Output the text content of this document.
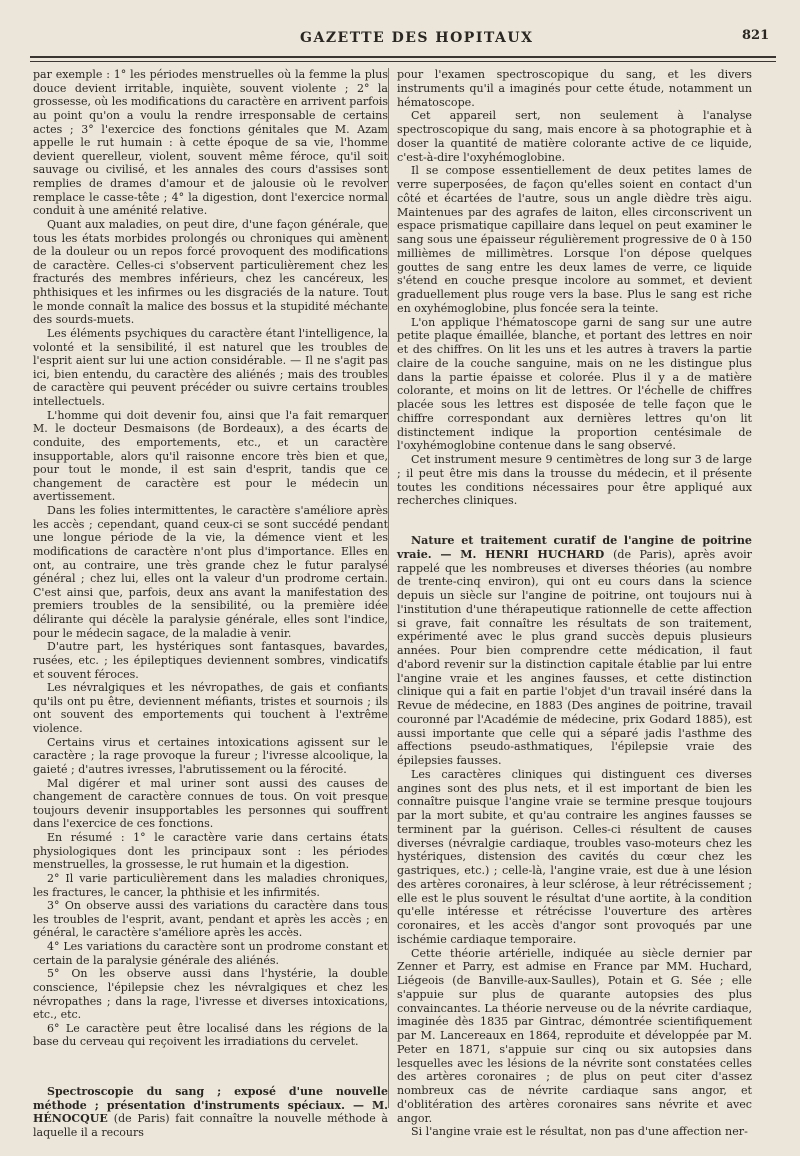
GAZETTE DES HOPITAUX	821

par exemple : 1° les périodes menstruelles où la femme la plus douce devient irritable, inquiète, souvent violente ; 2° la grossesse, où les modifications du caractère en arrivent parfois au point qu'on a voulu la rendre irresponsable de certains actes ; 3° l'exercice des fonctions génitales que M. Azam appelle le rut humain : à cette époque de sa vie, l'homme devient querelleur, violent, souvent même féroce, qu'il soit sauvage ou civilisé, et les annales des cours d'assises sont remplies de drames d'amour et de jalousie où le revolver remplace le casse-tête ; 4° la digestion, dont l'exercice normal conduit à une aménité relative.

Quant aux maladies, on peut dire, d'une façon générale, que tous les états morbides prolongés ou chroniques qui amènent de la douleur ou un repos forcé provoquent des modifications de caractère. Celles-ci s'observent particulièrement chez les fracturés des membres inférieurs, chez les cancéreux, les phthisiques et les infirmes ou les disgraciés de la nature. Tout le monde connaît la malice des bossus et la stupidité méchante des sourds-muets.

Les éléments psychiques du caractère étant l'intelligence, la volonté et la sensibilité, il est naturel que les troubles de l'esprit aient sur lui une action considérable. — Il ne s'agit pas ici, bien entendu, du caractère des aliénés ; mais des troubles de caractère qui peuvent précéder ou suivre certains troubles intellectuels.

L'homme qui doit devenir fou, ainsi que l'a fait remarquer M. le docteur Desmaisons (de Bordeaux), a des écarts de conduite, des emportements, etc., et un caractère insupportable, alors qu'il raisonne encore très bien et que, pour tout le monde, il est sain d'esprit, tandis que ce changement de caractère est pour le médecin un avertissement.

Dans les folies intermittentes, le caractère s'améliore après les accès ; cependant, quand ceux-ci se sont succédé pendant une longue période de la vie, la démence vient et les modifications de caractère n'ont plus d'importance. Elles en ont, au contraire, une très grande chez le futur paralysé général ; chez lui, elles ont la valeur d'un prodrome certain. C'est ainsi que, parfois, deux ans avant la manifestation des premiers troubles de la sensibilité, ou la première idée délirante qui décèle la paralysie générale, elles sont l'indice, pour le médecin sagace, de la maladie à venir.

D'autre part, les hystériques sont fantasques, bavardes, rusées, etc. ; les épileptiques deviennent sombres, vindicatifs et souvent féroces.

Les névralgiques et les névropathes, de gais et confiants qu'ils ont pu être, deviennent méfiants, tristes et sournois ; ils ont souvent des emportements qui touchent à l'extrême violence.

Certains virus et certaines intoxications agissent sur le caractère ; la rage provoque la fureur ; l'ivresse alcoolique, la gaieté ; d'autres ivresses, l'abrutissement ou la férocité.

Mal digérer et mal uriner sont aussi des causes de changement de caractère connues de tous. On voit presque toujours devenir insupportables les personnes qui souffrent dans l'exercice de ces fonctions.

En résumé : 1° le caractère varie dans certains états physiologiques dont les principaux sont : les périodes menstruelles, la grossesse, le rut humain et la digestion.

2° Il varie particulièrement dans les maladies chroniques, les fractures, le cancer, la phthisie et les infirmités.

3° On observe aussi des variations du caractère dans tous les troubles de l'esprit, avant, pendant et après les accès ; en général, le caractère s'améliore après les accès.

4° Les variations du caractère sont un prodrome constant et certain de la paralysie générale des aliénés.

5° On les observe aussi dans l'hystérie, la double conscience, l'épilepsie chez les névralgiques et chez les névropathes ; dans la rage, l'ivresse et diverses intoxications, etc., etc.

6° Le caractère peut être localisé dans les régions de la base du cerveau qui reçoivent les irradiations du cervelet.

Spectroscopie du sang ; exposé d'une nouvelle méthode ; présentation d'instruments spéciaux. — M. HÉNOCQUE (de Paris) fait connaître la nouvelle méthode à laquelle il a recours

pour l'examen spectroscopique du sang, et les divers instruments qu'il a imaginés pour cette étude, notamment un hématoscope.

Cet appareil sert, non seulement à l'analyse spectroscopique du sang, mais encore à sa photographie et à doser la quantité de matière colorante active de ce liquide, c'est-à-dire l'oxyhémoglobine.

Il se compose essentiellement de deux petites lames de verre superposées, de façon qu'elles soient en contact d'un côté et écartées de l'autre, sous un angle dièdre très aigu. Maintenues par des agrafes de laiton, elles circonscrivent un espace prismatique capillaire dans lequel on peut examiner le sang sous une épaisseur régulièrement progressive de 0 à 150 millièmes de millimètres. Lorsque l'on dépose quelques gouttes de sang entre les deux lames de verre, ce liquide s'étend en couche presque incolore au sommet, et devient graduellement plus rouge vers la base. Plus le sang est riche en oxyhémoglobine, plus foncée sera la teinte.

L'on applique l'hématoscope garni de sang sur une autre petite plaque émaillée, blanche, et portant des lettres en noir et des chiffres. On lit les uns et les autres à travers la partie claire de la couche sanguine, mais on ne les distingue plus dans la partie épaisse et colorée. Plus il y a de matière colorante, et moins on lit de lettres. Or l'échelle de chiffres placée sous les lettres est disposée de telle façon que le chiffre correspondant aux dernières lettres qu'on lit distinctement indique la proportion centésimale de l'oxyhémoglobine contenue dans le sang observé.

Cet instrument mesure 9 centimètres de long sur 3 de large ; il peut être mis dans la trousse du médecin, et il présente toutes les conditions nécessaires pour être appliqué aux recherches cliniques.

Nature et traitement curatif de l'angine de poitrine vraie. — M. HENRI HUCHARD (de Paris), après avoir rappelé que les nombreuses et diverses théories (au nombre de trente-cinq environ), qui ont eu cours dans la science depuis un siècle sur l'angine de poitrine, ont toujours nui à l'institution d'une thérapeutique rationnelle de cette affection si grave, fait connaître les résultats de son traitement, expérimenté avec le plus grand succès depuis plusieurs années. Pour bien comprendre cette médication, il faut d'abord revenir sur la distinction capitale établie par lui entre l'angine vraie et les angines fausses, et cette distinction clinique qui a fait en partie l'objet d'un travail inséré dans la Revue de médecine, en 1883 (Des angines de poitrine, travail couronné par l'Académie de médecine, prix Godard 1885), est aussi importante que celle qui a séparé jadis l'asthme des affections pseudo-asthmatiques, l'épilepsie vraie des épilepsies fausses.

Les caractères cliniques qui distinguent ces diverses angines sont des plus nets, et il est important de bien les connaître puisque l'angine vraie se termine presque toujours par la mort subite, et qu'au contraire les angines fausses se terminent par la guérison. Celles-ci résultent de causes diverses (névralgie cardiaque, troubles vaso-moteurs chez les hystériques, distension des cavités du cœur chez les gastriques, etc.) ; celle-là, l'angine vraie, est due à une lésion des artères coronaires, à leur sclérose, à leur rétrécissement ; elle est le plus souvent le résultat d'une aortite, à la condition qu'elle intéresse et rétrécisse l'ouverture des artères coronaires, et les accès d'angor sont provoqués par une ischémie cardiaque temporaire.

Cette théorie artérielle, indiquée au siècle dernier par Zenner et Parry, est admise en France par MM. Huchard, Liégeois (de Banville-aux-Saulles), Potain et G. Sée ; elle s'appuie sur plus de quarante autopsies des plus convaincantes. La théorie nerveuse ou de la névrite cardiaque, imaginée dès 1835 par Gintrac, démontrée scientifiquement par M. Lancereaux en 1864, reproduite et développée par M. Peter en 1871, s'appuie sur cinq ou six autopsies dans lesquelles avec les lésions de la névrite sont constatées celles des artères coronaires ; de plus on peut citer d'assez nombreux cas de névrite cardiaque sans angor, et d'oblitération des artères coronaires sans névrite et avec angor.

Si l'angine vraie est le résultat, non pas d'une affection ner-
